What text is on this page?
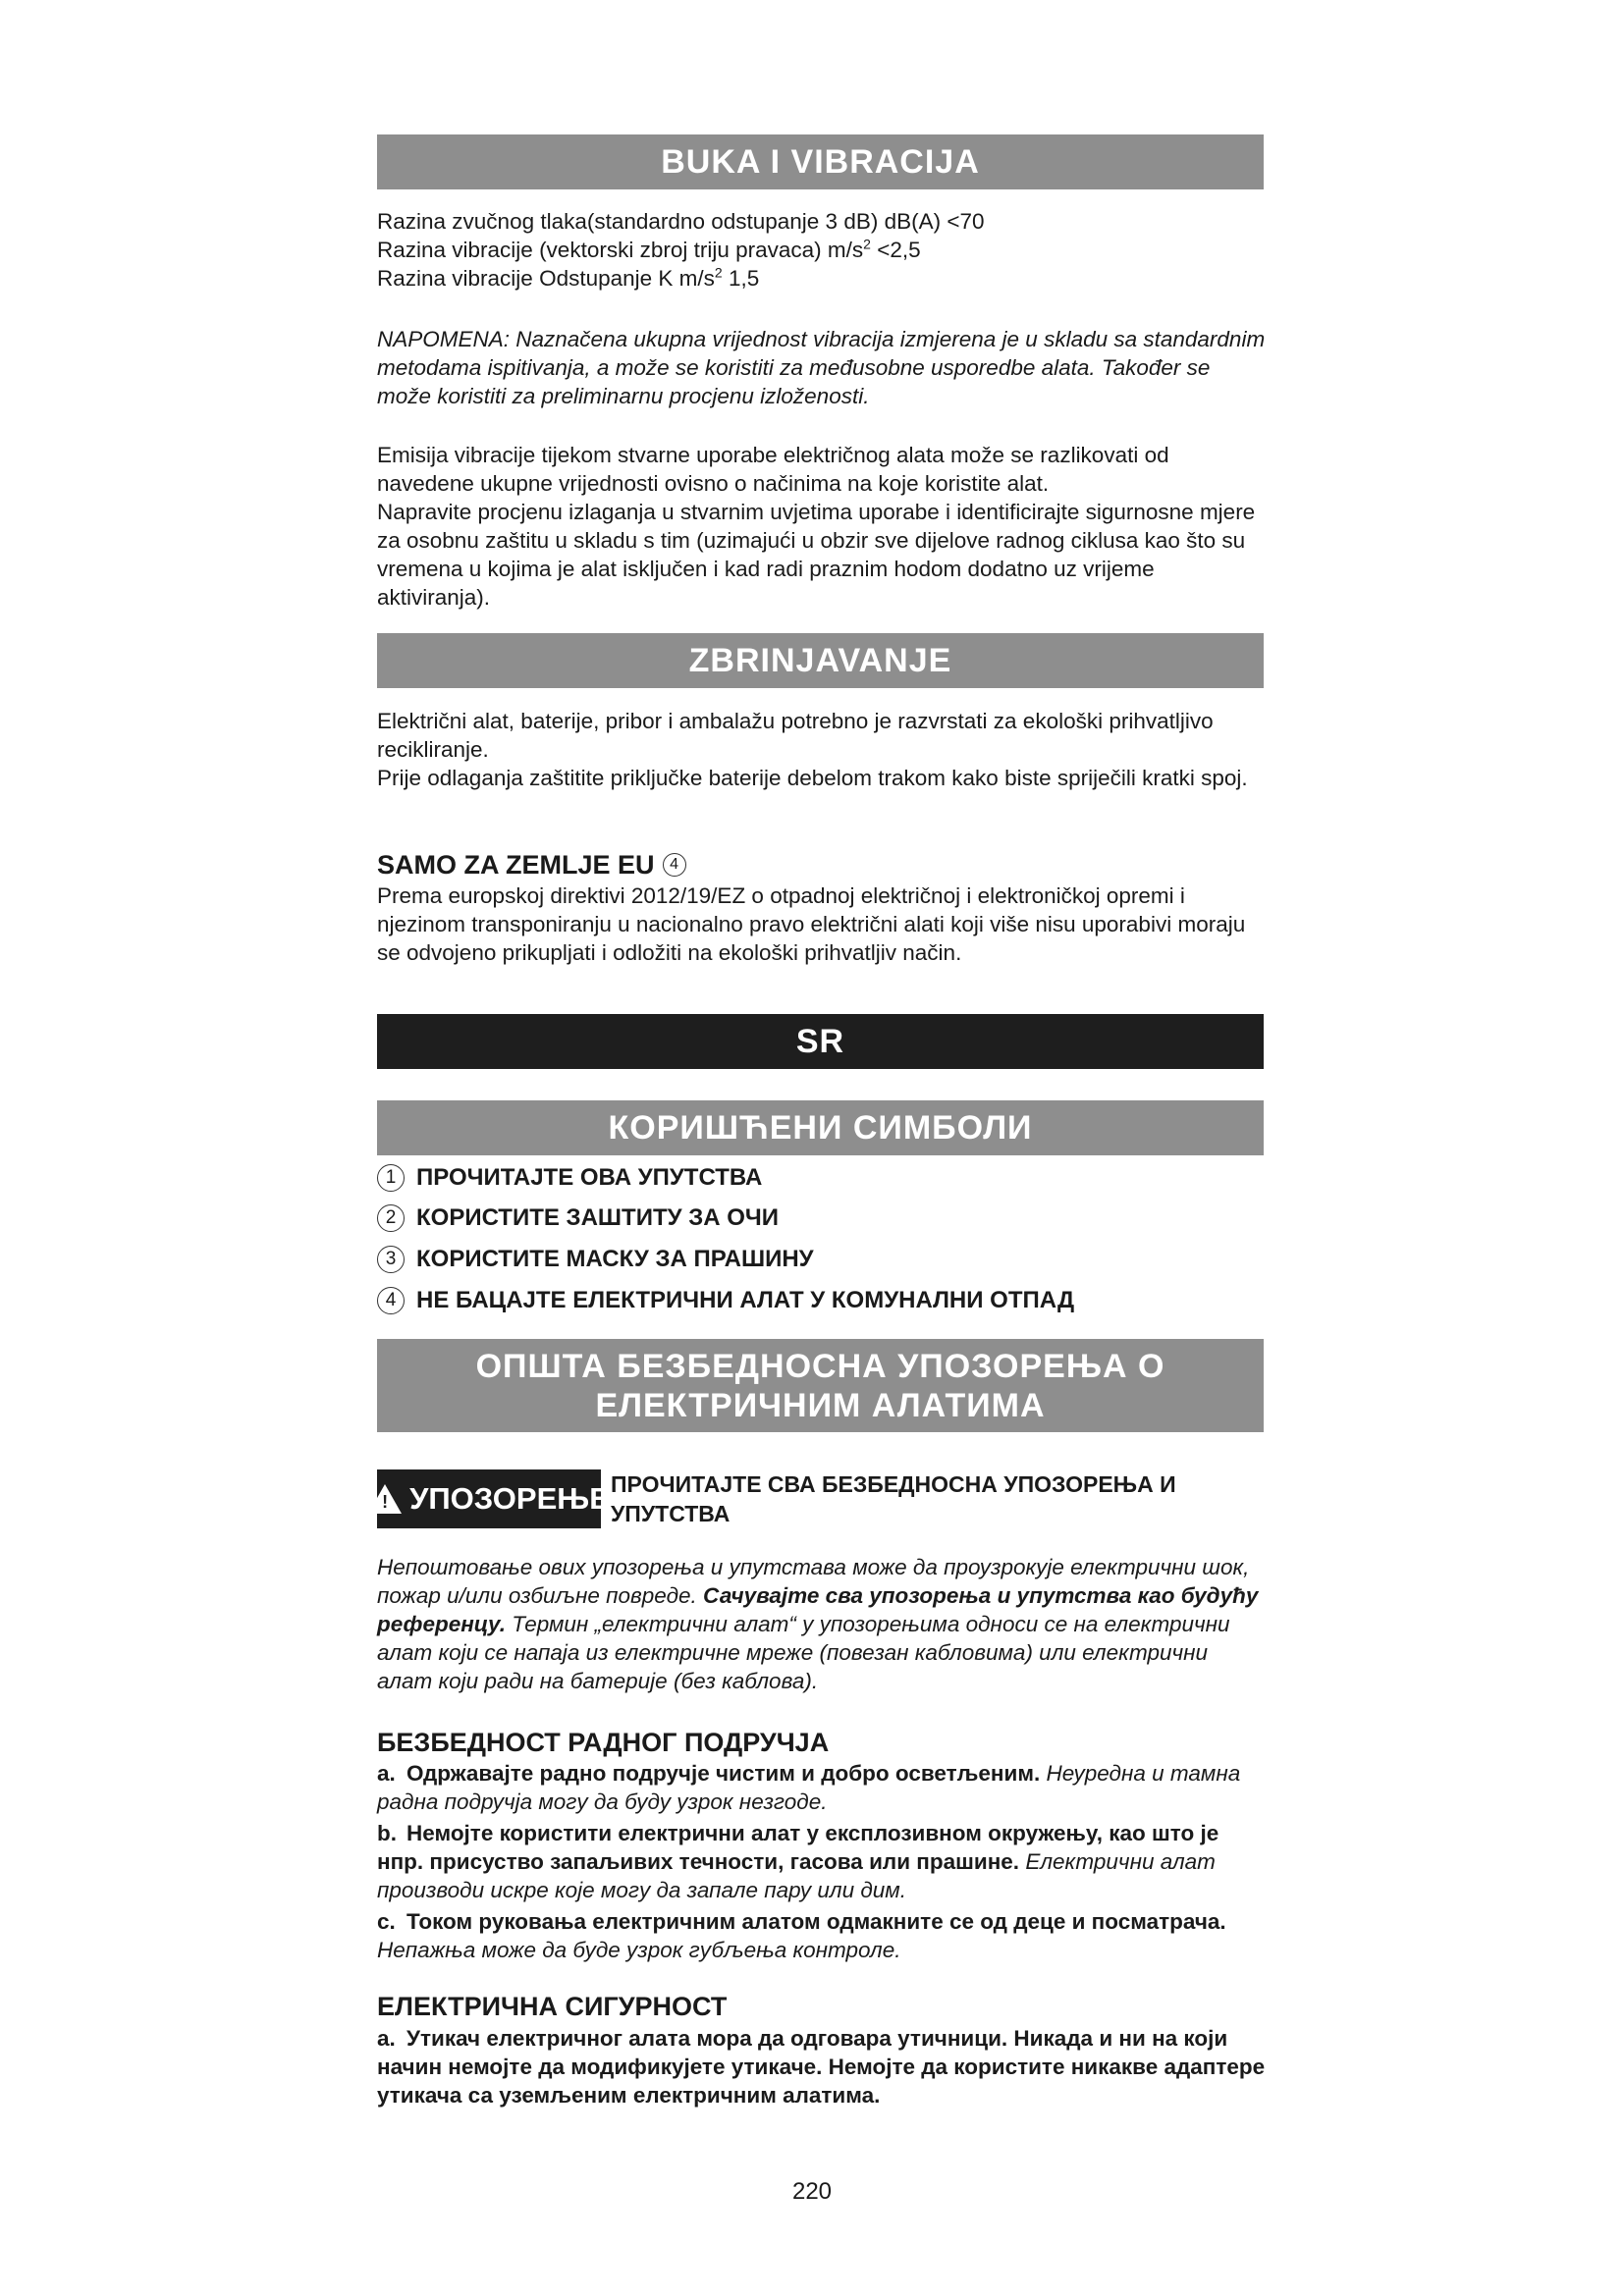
BUKA I VIBRACIJA
Razina zvučnog tlaka(standardno odstupanje 3 dB) dB(A) <70
Razina vibracije (vektorski zbroj triju pravaca) $m/s^2 <2,5$
Razina vibracije Odstupanje K $m/s^2$ 1,5
NAPOMENA: Naznačena ukupna vrijednost vibracija izmjerena je u skladu sa standardnim metodama ispitivanja, a može se koristiti za međusobne usporedbe alata. Također se može koristiti za preliminarnu procjenu izloženosti.
Emisija vibracije tijekom stvarne uporabe električnog alata može se razlikovati od navedene ukupne vrijednosti ovisno o načinima na koje koristite alat.
Napravite procjenu izlaganja u stvarnim uvjetima uporabe i identificirajte sigurnosne mjere za osobnu zaštitu u skladu s tim (uzimajući u obzir sve dijelove radnog ciklusa kao što su vremena u kojima je alat isključen i kad radi praznim hodom dodatno uz vrijeme aktiviranja).
ZBRINJAVANJE
Električni alat, baterije, pribor i ambalažu potrebno je razvrstati za ekološki prihvatljivo recikliranje.
Prije odlaganja zaštitite priključke baterije debelom trakom kako biste spriječili kratki spoj.
SAMO ZA ZEMLJE EU 4
Prema europskoj direktivi 2012/19/EZ o otpadnoj električnoj i elektroničkoj opremi i njezinom transponiranju u nacionalno pravo električni alati koji više nisu uporabivi moraju se odvojeno prikupljati i odložiti na ekološki prihvatljiv način.
SR
КОРИШЋЕНИ СИМБОЛИ
1 ПРОЧИТАЈТЕ ОВА УПУТСТВА
2 КОРИСТИТЕ ЗАШТИТУ ЗА ОЧИ
3 КОРИСТИТЕ МАСКУ ЗА ПРАШИНУ
4 НЕ БАЦАЈТЕ ЕЛЕКТРИЧНИ АЛАТ У КОМУНАЛНИ ОТПАД
ОПШТА БЕЗБЕДНОСНА УПОЗОРЕЊА О
ЕЛЕКТРИЧНИМ АЛАТИМА
! УПОЗОРЕЊЕ ПРОЧИТАЈТЕ СВА БЕЗБЕДНОСНА УПОЗОРЕЊА И УПУТСТВА
Непоштовање ових упозорења и упутстава може да проузрокује електрични шок, пожар и/или озбиљне повреде. Сачувајте сва упозорења и упутства као будућу референцу. Термин „електрични алат“ у упозорењима односи се на електрични алат који се напаја из електричне мреже (повезан кабловима) или електрични алат који ради на батерије (без каблова).
БЕЗБЕДНОСТ РАДНОГ ПОДРУЧЈА
a. Одржавајте радно подручје чистим и добро осветљеним. Неуредна и тамна радна подручја могу да буду узрок незгоде.
b. Немојте користити електрични алат у експлозивном окружењу, као што је нпр. присуство запаљивих течности, гасова или прашине. Електрични алат производи искре које могу да запале пару или дим.
c. Током руковања електричним алатом одмакните се од деце и посматрача. Непажња може да буде узрок губљења контроле.
ЕЛЕКТРИЧНА СИГУРНОСТ
a. Утикач електричног алата мора да одговара утичници. Никада и ни на који начин немојте да модификујете утикаче. Немојте да користите никакве адаптере утикача са уземљеним електричним алатима.
220
